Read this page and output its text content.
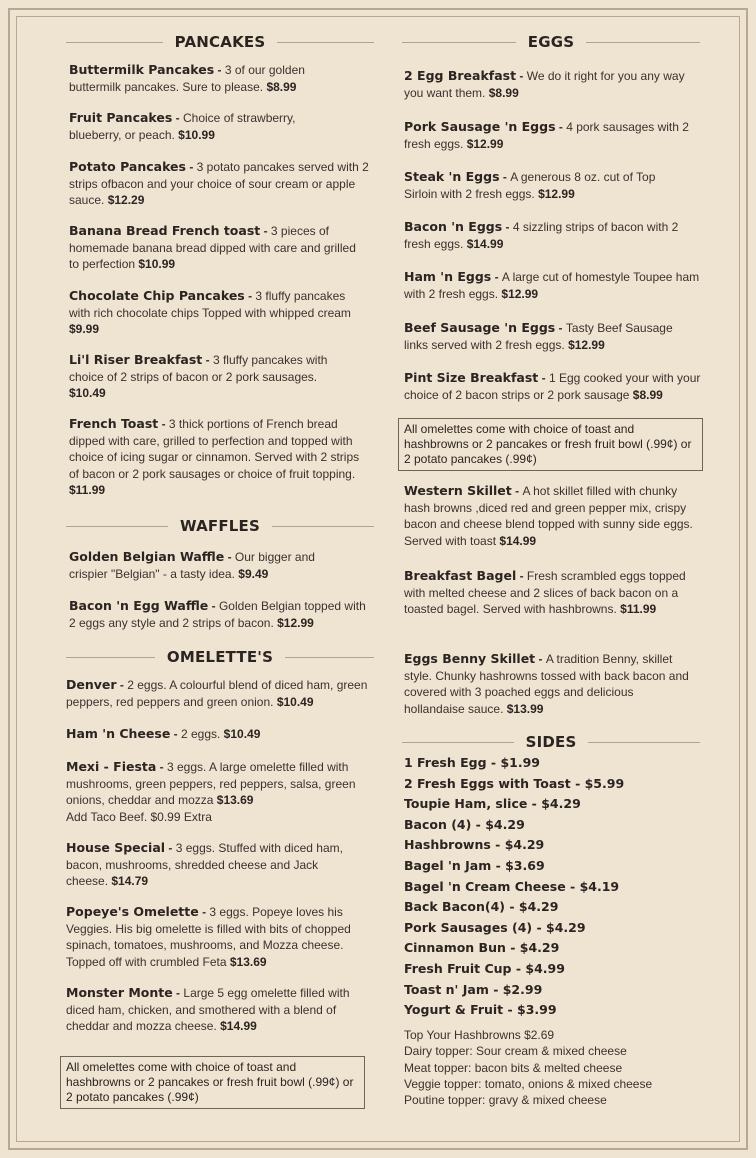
PANCAKES
Buttermilk Pancakes - 3 of our golden buttermilk pancakes. Sure to please. $8.99
Fruit Pancakes - Choice of strawberry, blueberry, or peach. $10.99
Potato Pancakes - 3 potato pancakes served with 2 strips ofbacon and your choice of sour cream or apple sauce. $12.29
Banana Bread French toast - 3 pieces of homemade banana bread dipped with care and grilled to perfection $10.99
Chocolate Chip Pancakes - 3 fluffy pancakes with rich chocolate chips Topped with whipped cream $9.99
Li'l Riser Breakfast - 3 fluffy pancakes with choice of 2 strips of bacon or 2 pork sausages. $10.49
French Toast - 3 thick portions of French bread dipped with care, grilled to perfection and topped with choice of icing sugar or cinnamon. Served with 2 strips of bacon or 2 pork sausages or choice of fruit topping. $11.99
WAFFLES
Golden Belgian Waffle - Our bigger and crispier "Belgian" - a tasty idea. $9.49
Bacon 'n Egg Waffle - Golden Belgian topped with 2 eggs any style and 2 strips of bacon. $12.99
OMELETTE'S
Denver - 2 eggs. A colourful blend of diced ham, green peppers, red peppers and green onion. $10.49
Ham 'n Cheese - 2 eggs. $10.49
Mexi - Fiesta - 3 eggs. A large omelette filled with mushrooms, green peppers, red peppers, salsa, green onions, cheddar and mozza $13.69
Add Taco Beef. $0.99 Extra
House Special - 3 eggs. Stuffed with diced ham, bacon, mushrooms, shredded cheese and Jack cheese. $14.79
Popeye's Omelette - 3 eggs. Popeye loves his Veggies. His big omelette is filled with bits of chopped spinach, tomatoes, mushrooms, and Mozza cheese. Topped off with crumbled Feta $13.69
Monster Monte - Large 5 egg omelette filled with diced ham, chicken, and smothered with a blend of cheddar and mozza cheese. $14.99
All omelettes come with choice of toast and hashbrowns or 2 pancakes or fresh fruit bowl (.99¢) or 2 potato pancakes (.99¢)
EGGS
2 Egg Breakfast - We do it right for you any way you want them. $8.99
Pork Sausage 'n Eggs - 4 pork sausages with 2 fresh eggs. $12.99
Steak 'n Eggs - A generous 8 oz. cut of Top Sirloin with 2 fresh eggs. $12.99
Bacon 'n Eggs - 4 sizzling strips of bacon with 2 fresh eggs. $14.99
Ham 'n Eggs - A large cut of homestyle Toupee ham with 2 fresh eggs. $12.99
Beef Sausage 'n Eggs - Tasty Beef Sausage links served with 2 fresh eggs. $12.99
Pint Size Breakfast - 1 Egg cooked your with your choice of 2 bacon strips or 2 pork sausage $8.99
All omelettes come with choice of toast and hashbrowns or 2 pancakes or fresh fruit bowl (.99¢) or 2 potato pancakes (.99¢)
Western Skillet - A hot skillet filled with chunky hash browns ,diced red and green pepper mix, crispy bacon and cheese blend topped with sunny side eggs. Served with toast $14.99
Breakfast Bagel - Fresh scrambled eggs topped with melted cheese and 2 slices of back bacon on a toasted bagel. Served with hashbrowns. $11.99
Eggs Benny Skillet - A tradition Benny, skillet style. Chunky hashrowns tossed with back bacon and covered with 3 poached eggs and delicious hollandaise sauce. $13.99
SIDES
1 Fresh Egg - $1.99
2 Fresh Eggs with Toast - $5.99
Toupie Ham, slice - $4.29
Bacon (4) - $4.29
Hashbrowns - $4.29
Bagel 'n Jam - $3.69
Bagel 'n Cream Cheese - $4.19
Back Bacon(4) - $4.29
Pork Sausages (4) - $4.29
Cinnamon Bun - $4.29
Fresh Fruit Cup - $4.99
Toast n' Jam - $2.99
Yogurt & Fruit - $3.99
Top Your Hashbrowns $2.69
Dairy topper: Sour cream & mixed cheese
Meat topper: bacon bits & melted cheese
Veggie topper: tomato, onions & mixed cheese
Poutine topper: gravy & mixed cheese
